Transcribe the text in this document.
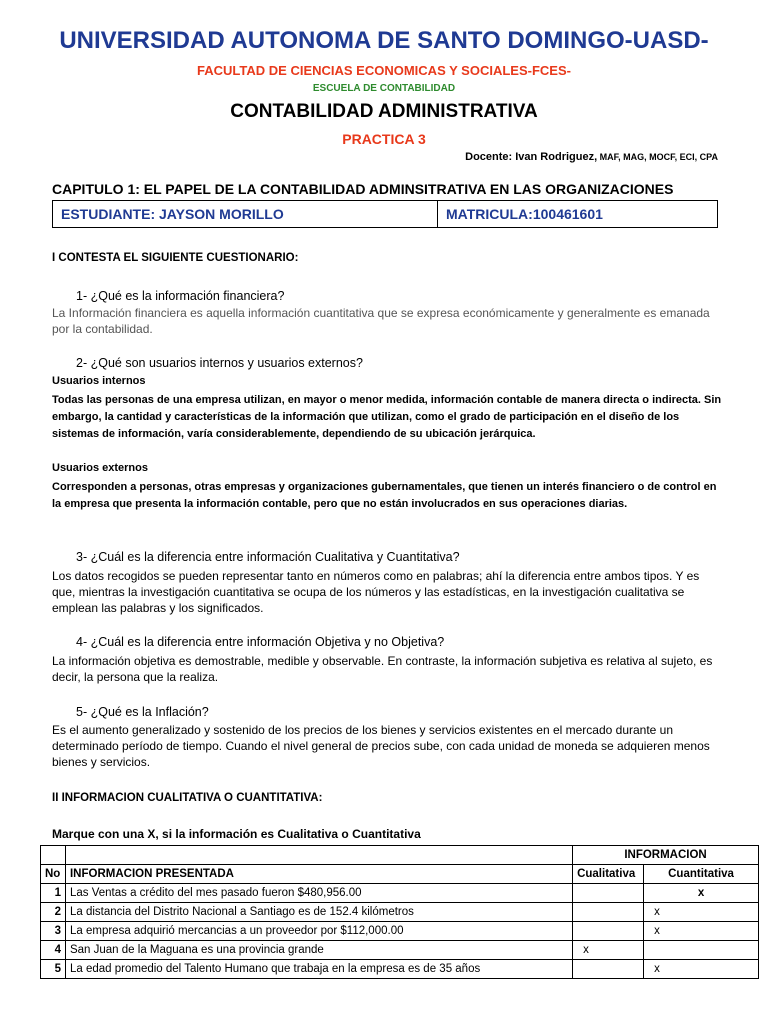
UNIVERSIDAD AUTONOMA DE SANTO DOMINGO-UASD-
FACULTAD DE CIENCIAS ECONOMICAS Y SOCIALES-FCES-
ESCUELA DE CONTABILIDAD
CONTABILIDAD ADMINISTRATIVA
PRACTICA 3
Docente: Ivan Rodriguez, MAF, MAG, MOCF, ECI, CPA
CAPITULO 1: EL PAPEL DE LA CONTABILIDAD ADMINSITRATIVA EN LAS ORGANIZACIONES
ESTUDIANTE: JAYSON MORILLO	MATRICULA:100461601
I CONTESTA EL SIGUIENTE CUESTIONARIO:
1- ¿Qué es la información financiera?
La Información financiera es aquella información cuantitativa que se expresa económicamente y generalmente es emanada por la contabilidad.
2- ¿Qué son usuarios internos y usuarios externos?
Usuarios internos
Todas las personas de una empresa utilizan, en mayor o menor medida, información contable de manera directa o indirecta. Sin embargo, la cantidad y características de la información que utilizan, como el grado de participación en el diseño de los sistemas de información, varía considerablemente, dependiendo de su ubicación jerárquica.
Usuarios externos
Corresponden a personas, otras empresas y organizaciones gubernamentales, que tienen un interés financiero o de control en la empresa que presenta la información contable, pero que no están involucrados en sus operaciones diarias.
3- ¿Cuál es la diferencia entre información Cualitativa y Cuantitativa?
Los datos recogidos se pueden representar tanto en números como en palabras; ahí la diferencia entre ambos tipos. Y es que, mientras la investigación cuantitativa se ocupa de los números y las estadísticas, en la investigación cualitativa se emplean las palabras y los significados.
4- ¿Cuál es la diferencia entre información Objetiva y no Objetiva?
La información objetiva es demostrable, medible y observable. En contraste, la información subjetiva es relativa al sujeto, es decir, la persona que la realiza.
5- ¿Qué es la Inflación?
Es el aumento generalizado y sostenido de los precios de los bienes y servicios existentes en el mercado durante un determinado período de tiempo. Cuando el nivel general de precios sube, con cada unidad de moneda se adquieren menos bienes y servicios.
II INFORMACION CUALITATIVA O CUANTITATIVA:
Marque con una X, si la información es Cualitativa o Cuantitativa
		INFORMACION	
No	INFORMACION PRESENTADA	Cualitativa	Cuantitativa
1	Las Ventas a crédito del mes pasado fueron $480,956.00		x
2	La distancia del Distrito Nacional a Santiago es de 152.4 kilómetros		x
3	La empresa adquirió mercancias a un proveedor por $112,000.00		x
4	San Juan de la Maguana es una provincia grande	x	
5	La edad promedio del Talento Humano que trabaja en la empresa es de 35 años		x
